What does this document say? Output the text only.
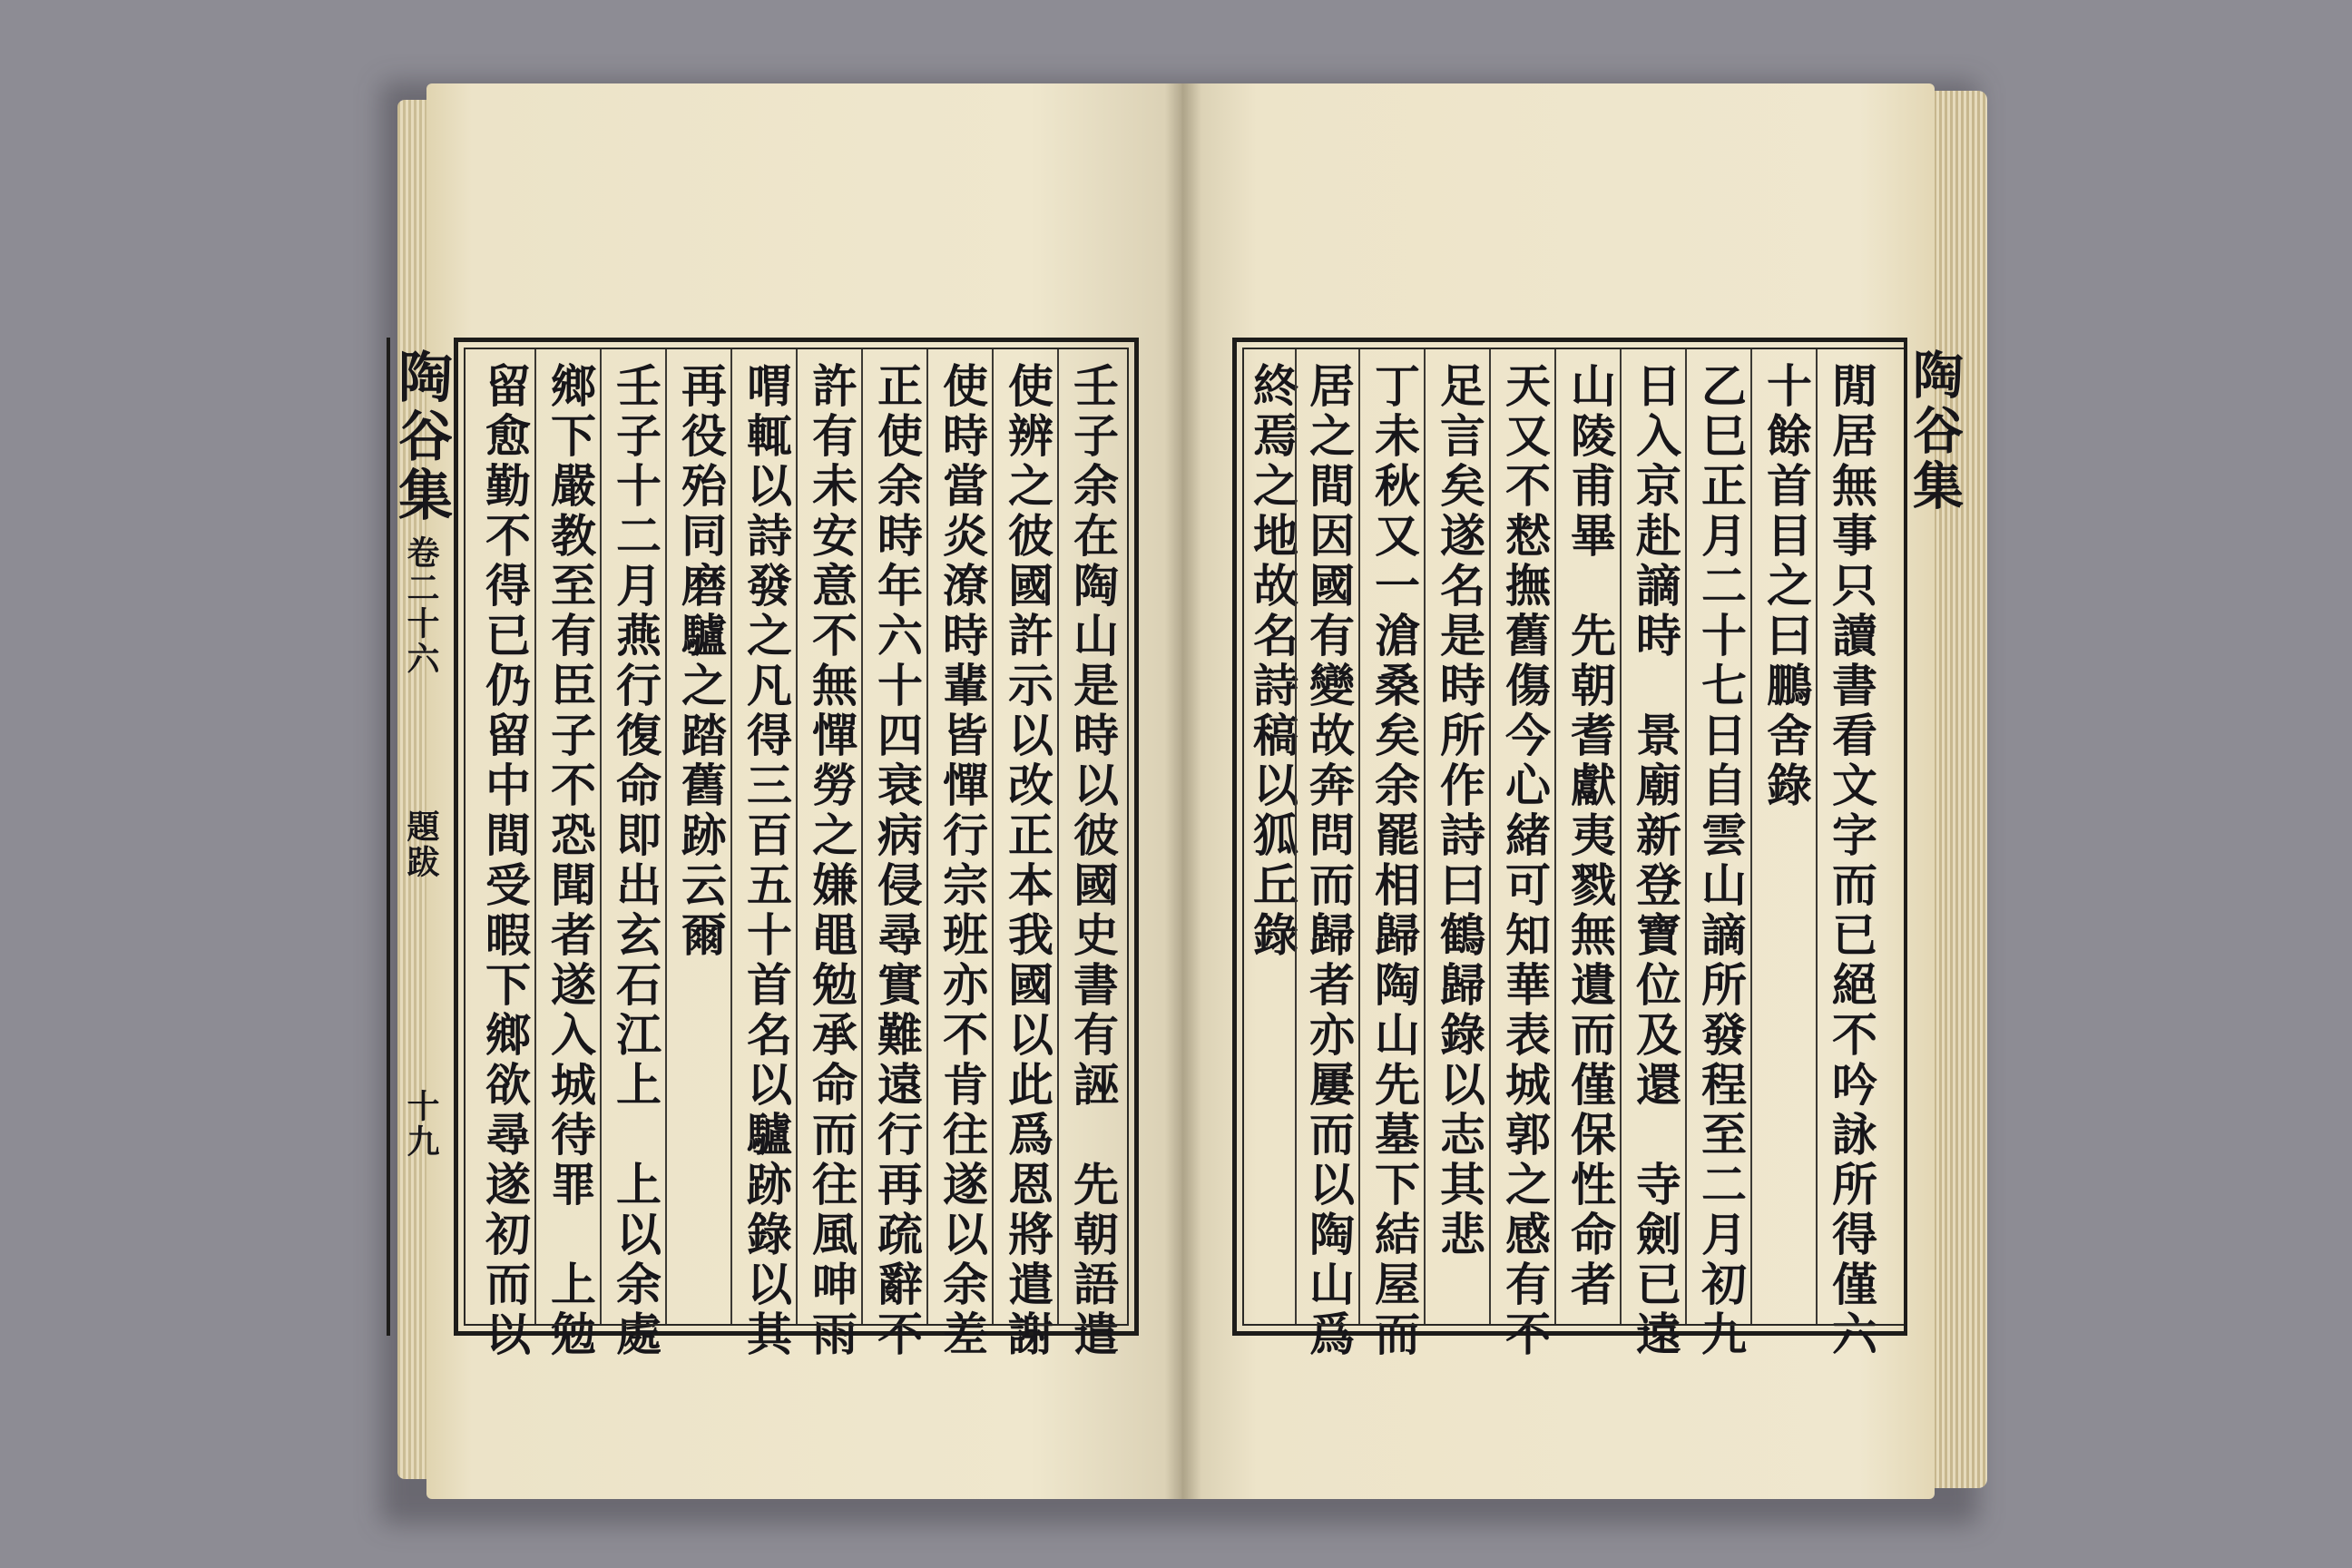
陶谷集
卷二十六
題跋
十九	壬子余在陶山是時以彼國史書有誣　先朝語遣
使辨之彼國許示以改正本我國以此爲恩將遣謝
使時當炎潦時輩皆憚行宗班亦不肯往遂以余差
正使余時年六十四衰病侵尋實難遠行再疏辭不
許有未安意不無憚勞之嫌黽勉承命而往風呻雨
喟輒以詩發之凡得三百五十首名以驢跡錄以其
再役殆同磨驢之踏舊跡云爾
壬子十二月燕行復命即出玄石江上　上以余處
鄉下嚴教至有臣子不恐聞者遂入城待罪　上勉
留愈勤不得已仍留中間受暇下鄉欲尋遂初而以	閒居無事只讀書看文字而已絕不吟詠所得僅六
十餘首目之曰鵬舍錄
乙巳正月二十七日自雲山謫所發程至二月初九
日入京赴謫時　景廟新登寶位及還　寺劍已遠
山陵甫畢　先朝耆獻夷戮無遺而僅保性命者
天又不慭撫舊傷今心緒可知華表城郭之感有不
足言矣遂名是時所作詩曰鶴歸錄以志其悲
丁未秋又一滄桑矣余罷相歸陶山先墓下結屋而
居之間因國有變故奔問而歸者亦屢而以陶山爲
終焉之地故名詩稿以狐丘錄	陶谷集
